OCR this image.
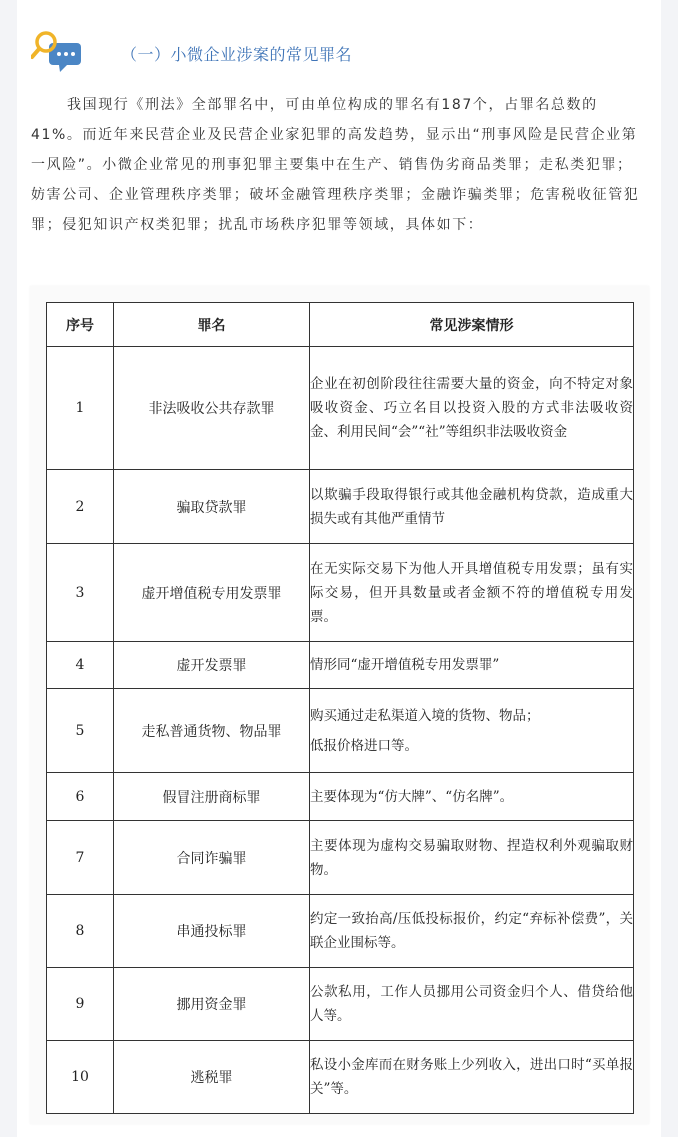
（一）小微企业涉案的常见罪名

我国现行《刑法》全部罪名中，可由单位构成的罪名有187个，占罪名总数的41%。而近年来民营企业及民营企业家犯罪的高发趋势，显示出“刑事风险是民营企业第一风险”。小微企业常见的刑事犯罪主要集中在生产、销售伪劣商品类罪；走私类犯罪；妨害公司、企业管理秩序类罪；破坏金融管理秩序类罪；金融诈骗类罪；危害税收征管犯罪；侵犯知识产权类犯罪；扰乱市场秩序犯罪等领域，具体如下：

序号	罪名	常见涉案情形
1	非法吸收公共存款罪	企业在初创阶段往往需要大量的资金，向不特定对象吸收资金、巧立名目以投资入股的方式非法吸收资金、利用民间“会”“社”等组织非法吸收资金

2	骗取贷款罪	以欺骗手段取得银行或其他金融机构贷款，造成重大损失或有其他严重情节

3	虚开增值税专用发票罪	在无实际交易下为他人开具增值税专用发票；虽有实际交易，但开具数量或者金额不符的增值税专用发票。

4	虚开发票罪	情形同“虚开增值税专用发票罪”

5	走私普通货物、物品罪	购买通过走私渠道入境的货物、物品；
低报价格进口等。

6	假冒注册商标罪	主要体现为“仿大牌”、“仿名牌”。

7	合同诈骗罪	主要体现为虚构交易骗取财物、捏造权利外观骗取财物。

8	串通投标罪	约定一致抬高/压低投标报价，约定“弃标补偿费”，关联企业围标等。

9	挪用资金罪	公款私用，工作人员挪用公司资金归个人、借贷给他人等。

10	逃税罪	私设小金库而在财务账上少列收入，进出口时“买单报关”等。
